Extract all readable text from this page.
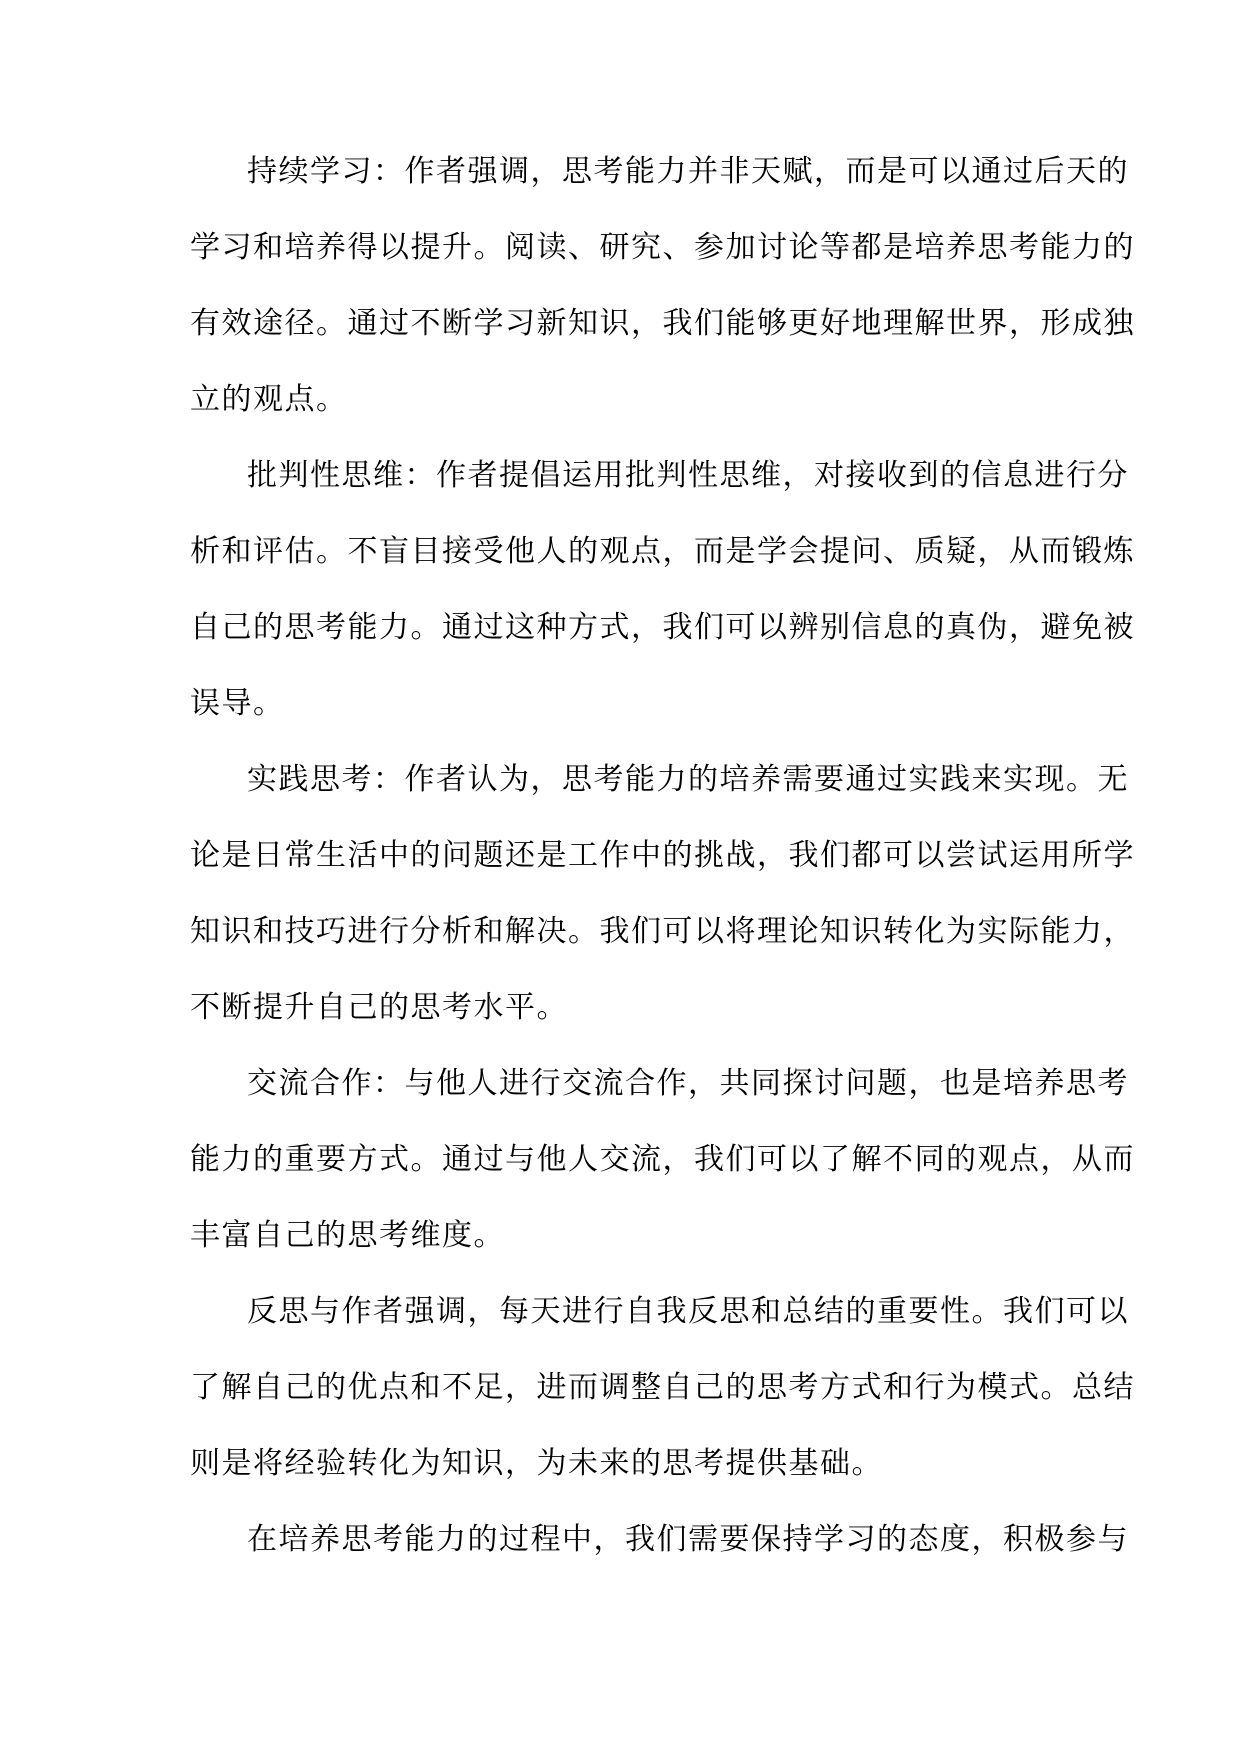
持续学习：作者强调，思考能力并非天赋，而是可以通过后天的
学习和培养得以提升。阅读、研究、参加讨论等都是培养思考能力的
有效途径。通过不断学习新知识，我们能够更好地理解世界，形成独
立的观点。
批判性思维：作者提倡运用批判性思维，对接收到的信息进行分
析和评估。不盲目接受他人的观点，而是学会提问、质疑，从而锻炼
自己的思考能力。通过这种方式，我们可以辨别信息的真伪，避免被
误导。
实践思考：作者认为，思考能力的培养需要通过实践来实现。无
论是日常生活中的问题还是工作中的挑战，我们都可以尝试运用所学
知识和技巧进行分析和解决。我们可以将理论知识转化为实际能力，
不断提升自己的思考水平。
交流合作：与他人进行交流合作，共同探讨问题，也是培养思考
能力的重要方式。通过与他人交流，我们可以了解不同的观点，从而
丰富自己的思考维度。
反思与作者强调，每天进行自我反思和总结的重要性。我们可以
了解自己的优点和不足，进而调整自己的思考方式和行为模式。总结
则是将经验转化为知识，为未来的思考提供基础。
在培养思考能力的过程中，我们需要保持学习的态度，积极参与
